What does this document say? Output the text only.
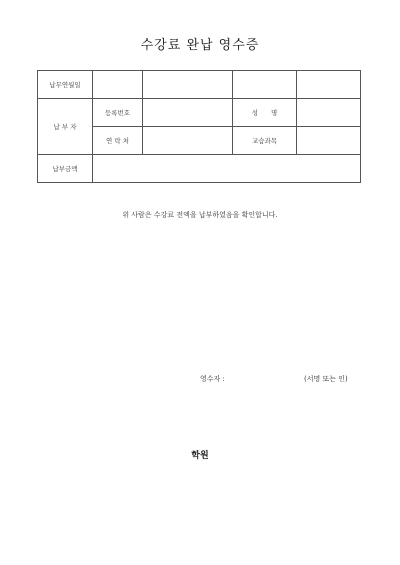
수강료 완납 영수증
납무연월일				
납 부 자	등록번호		성　　명	
	연 락 처		교습과목	
납부금액				
위 사람은 수강료 전액을 납부하였음을 확인합니다.
영수자 :	(서명 또는 인)
학원
